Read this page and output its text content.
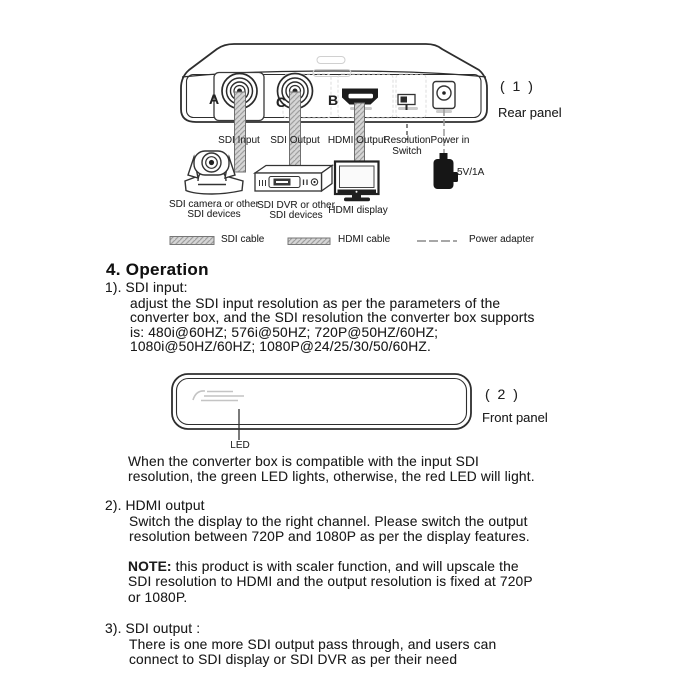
A	C	B
( 1 )
Rear panel
SDI Input SDI Output HDMI Output
Resolution
Switch
Power in
SDI camera or other
SDI devices
SDI DVR or other
SDI devices HDMI display
5V/1A
SDI cable	HDMI cable	Power adapter
( 2 )
Front panel
LED
4. Operation
1). SDI input:
adjust the SDI input resolution as per the parameters of the
converter box, and the SDI resolution the converter box supports
is: 480i@60HZ; 576i@50HZ; 720P@50HZ/60HZ;
1080i@50HZ/60HZ; 1080P@24/25/30/50/60HZ.
When the converter box is compatible with the input SDI
resolution, the green LED lights, otherwise, the red LED will light.
2). HDMI output
Switch the display to the right channel. Please switch the output
resolution between 720P and 1080P as per the display features.
NOTE: this product is with scaler function, and will upscale the
SDI resolution to HDMI and the output resolution is fixed at 720P
or 1080P.
3). SDI output :
There is one more SDI output pass through, and users can
connect to SDI display or SDI DVR as per their need
